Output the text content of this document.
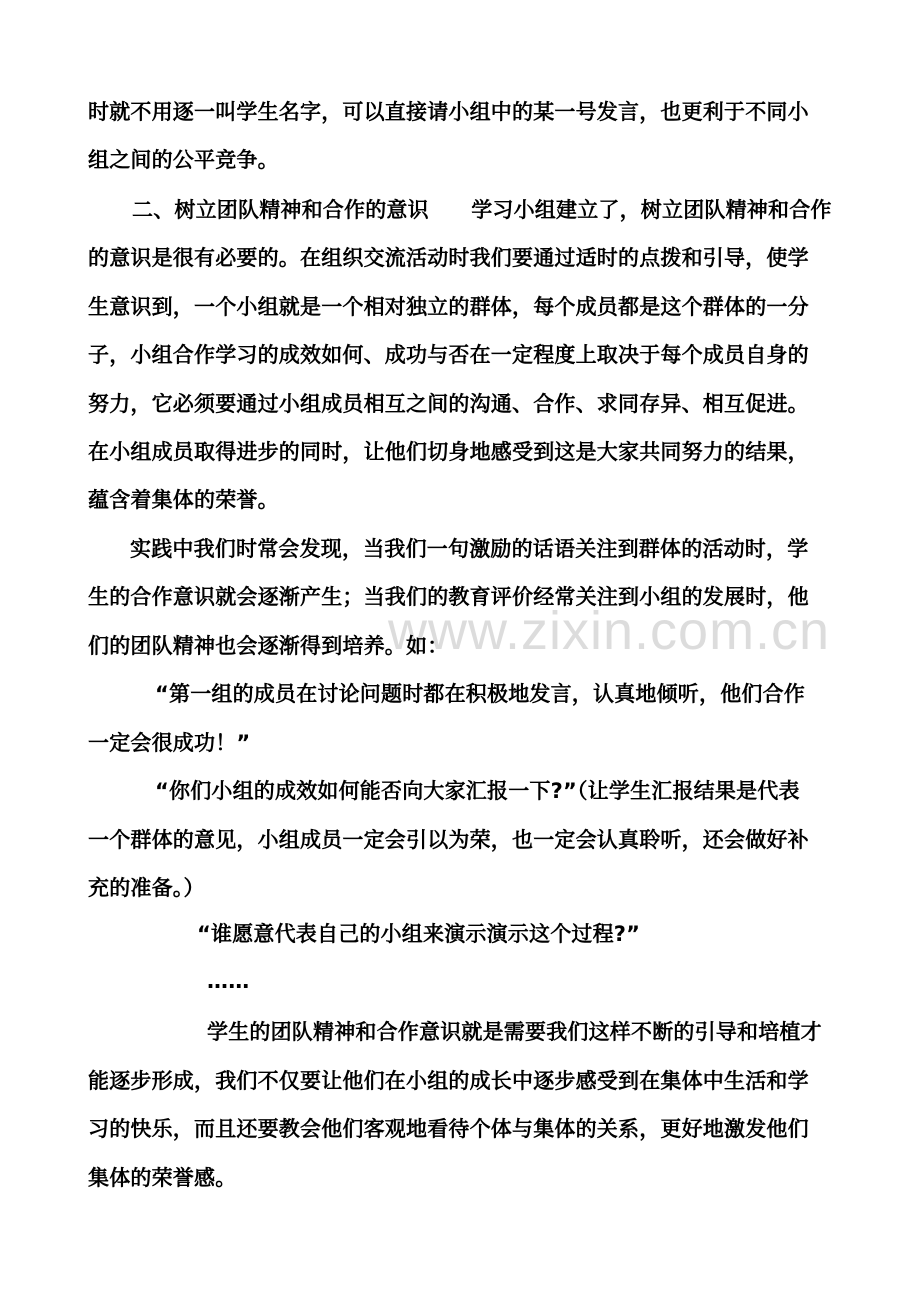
www.zixin.com.cn
时就不用逐一叫学生名字，可以直接请小组中的某一号发言，也更利于不同小
组之间的公平竞争。
二、树立团队精神和合作的意识　　学习小组建立了，树立团队精神和合作
的意识是很有必要的。在组织交流活动时我们要通过适时的点拨和引导，使学
生意识到，一个小组就是一个相对独立的群体，每个成员都是这个群体的一分
子，小组合作学习的成效如何、成功与否在一定程度上取决于每个成员自身的
努力，它必须要通过小组成员相互之间的沟通、合作、求同存异、相互促进。
在小组成员取得进步的同时，让他们切身地感受到这是大家共同努力的结果，
蕴含着集体的荣誉。
实践中我们时常会发现，当我们一句激励的话语关注到群体的活动时，学
生的合作意识就会逐渐产生；当我们的教育评价经常关注到小组的发展时，他
们的团队精神也会逐渐得到培养。如：
“第一组的成员在讨论问题时都在积极地发言，认真地倾听，他们合作
一定会很成功！”
“你们小组的成效如何能否向大家汇报一下?”（让学生汇报结果是代表
一个群体的意见，小组成员一定会引以为荣，也一定会认真聆听，还会做好补
充的准备。）
“谁愿意代表自己的小组来演示演示这个过程?”
……
学生的团队精神和合作意识就是需要我们这样不断的引导和培植才
能逐步形成，我们不仅要让他们在小组的成长中逐步感受到在集体中生活和学
习的快乐，而且还要教会他们客观地看待个体与集体的关系，更好地激发他们
集体的荣誉感。
